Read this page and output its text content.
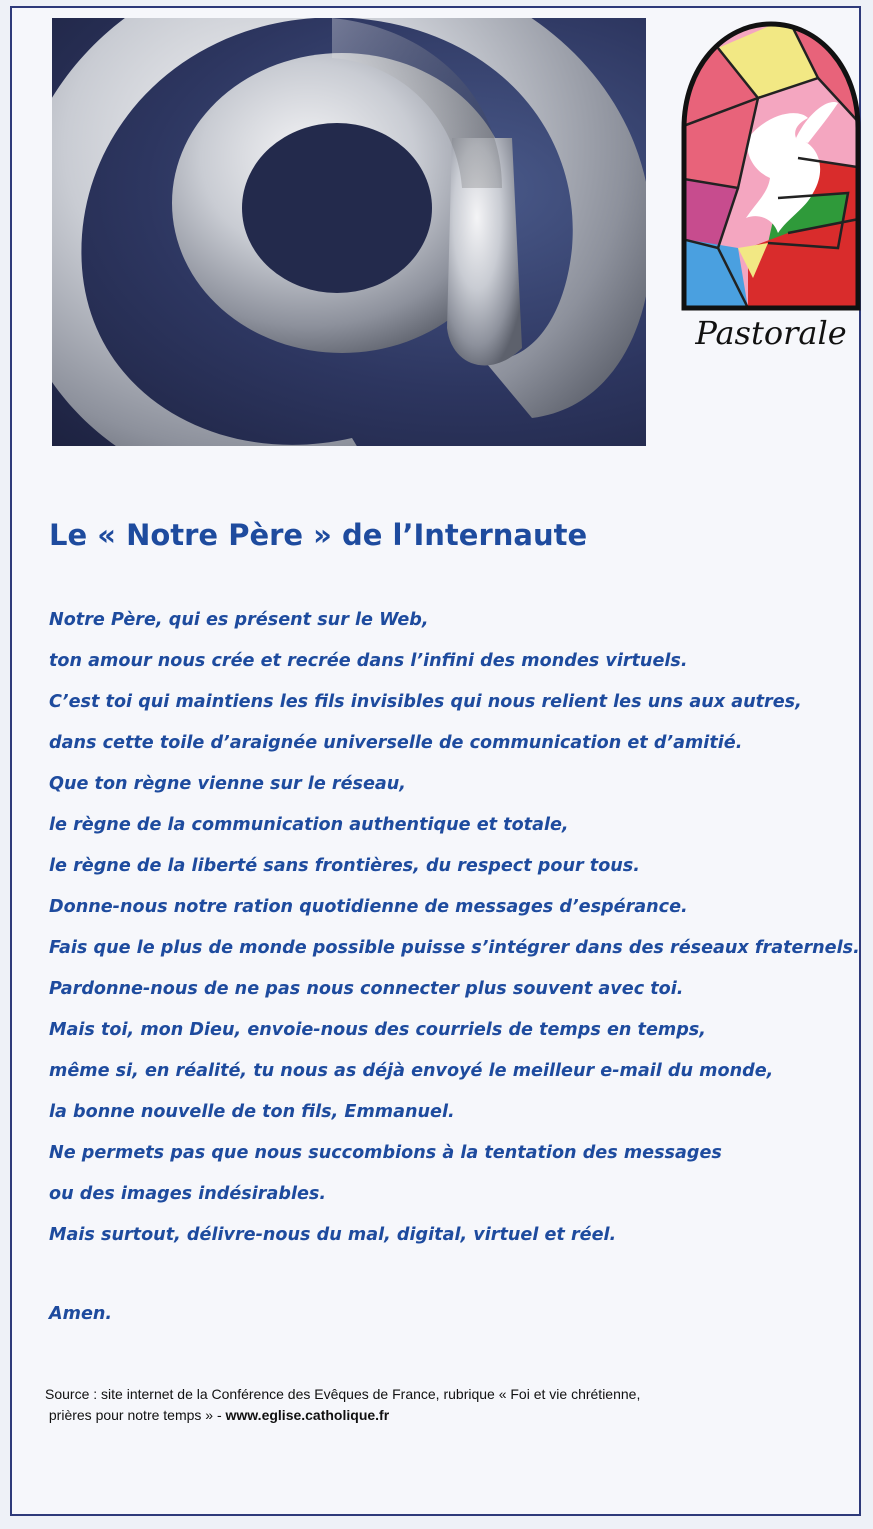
Pastorale
Le « Notre Père » de l’Internaute
Notre Père, qui es présent sur le Web,
ton amour nous crée et recrée dans l’infini des mondes virtuels.
C’est toi qui maintiens les fils invisibles qui nous relient les uns aux autres,
dans cette toile d’araignée universelle de communication et d’amitié.
Que ton règne vienne sur le réseau,
le règne de la communication authentique et totale,
le règne de la liberté sans frontières, du respect pour tous.
Donne-nous notre ration quotidienne de messages d’espérance.
Fais que le plus de monde possible puisse s’intégrer dans des réseaux fraternels.
Pardonne-nous de ne pas nous connecter plus souvent avec toi.
Mais toi, mon Dieu, envoie-nous des courriels de temps en temps,
même si, en réalité, tu nous as déjà envoyé le meilleur e-mail du monde,
la bonne nouvelle de ton fils, Emmanuel.
Ne permets pas que nous succombions à la tentation des messages
ou des images indésirables.
Mais surtout, délivre-nous du mal, digital, virtuel et réel.
Amen.
Source : site internet de la Conférence des Evêques de France, rubrique « Foi et vie chrétienne,
prières pour notre temps » - www.eglise.catholique.fr
